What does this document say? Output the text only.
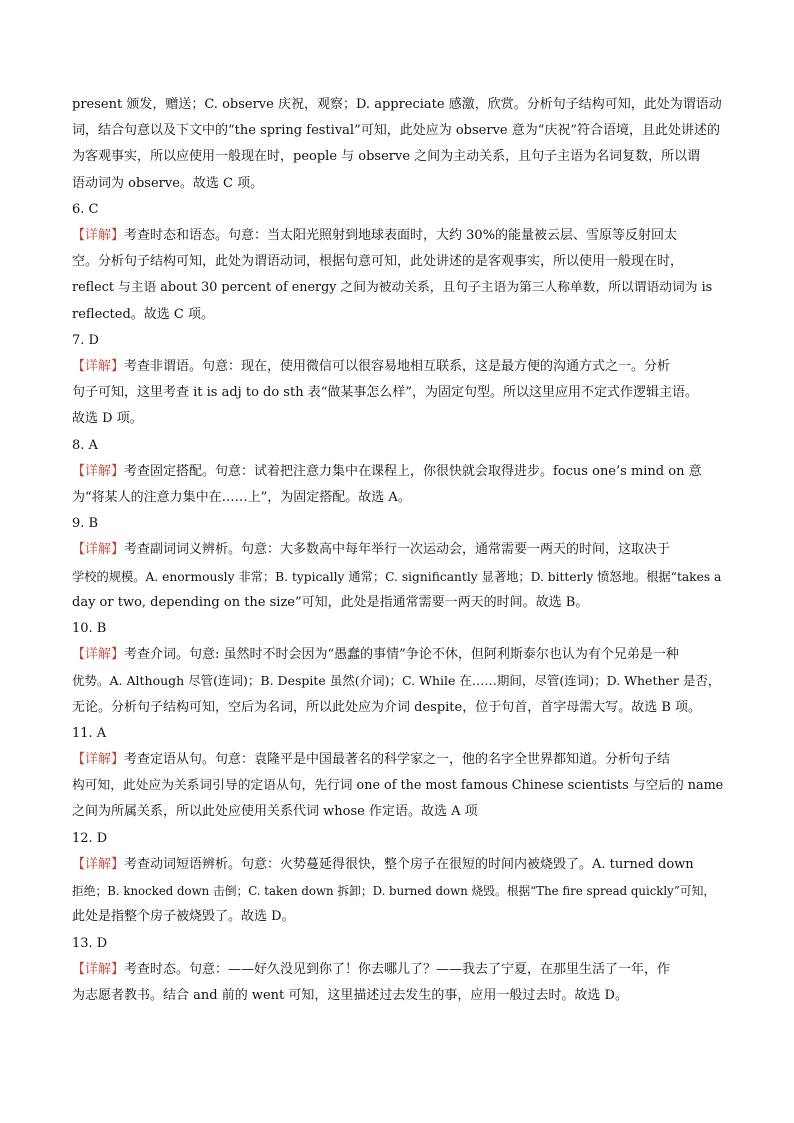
present 颁发，赠送；C. observe 庆祝，观察；D. appreciate 感激，欣赏。分析句子结构可知，此处为谓语动
词，结合句意以及下文中的“the spring festival”可知，此处应为 observe 意为“庆祝”符合语境，且此处讲述的
为客观事实，所以应使用一般现在时，people 与 observe 之间为主动关系，且句子主语为名词复数，所以谓
语动词为 observe。故选 C 项。
6. C
【详解】考查时态和语态。句意：当太阳光照射到地球表面时，大约 30%的能量被云层、雪原等反射回太
空。分析句子结构可知，此处为谓语动词，根据句意可知，此处讲述的是客观事实，所以使用一般现在时，
reflect 与主语 about 30 percent of energy 之间为被动关系，且句子主语为第三人称单数，所以谓语动词为 is
reflected。故选 C 项。
7. D
【详解】考查非谓语。句意：现在，使用微信可以很容易地相互联系，这是最方便的沟通方式之一。分析
句子可知，这里考查 it is adj to do sth 表“做某事怎么样”，为固定句型。所以这里应用不定式作逻辑主语。
故选 D 项。
8. A
【详解】考查固定搭配。句意：试着把注意力集中在课程上，你很快就会取得进步。focus one’s mind on 意
为“将某人的注意力集中在……上”，为固定搭配。故选 A。
9. B
【详解】考查副词词义辨析。句意：大多数高中每年举行一次运动会，通常需要一两天的时间，这取决于
学校的规模。A. enormously 非常；B. typically 通常；C. significantly 显著地；D. bitterly 愤怒地。根据“takes a
day or two, depending on the size”可知，此处是指通常需要一两天的时间。故选 B。
10. B
【详解】考查介词。句意: 虽然时不时会因为“愚蠢的事情”争论不休，但阿利斯泰尔也认为有个兄弟是一种
优势。A. Although 尽管(连词)；B. Despite 虽然(介词)；C. While 在……期间，尽管(连词)；D. Whether 是否，
无论。分析句子结构可知，空后为名词，所以此处应为介词 despite，位于句首，首字母需大写。故选 B 项。
11. A
【详解】考查定语从句。句意：袁隆平是中国最著名的科学家之一，他的名字全世界都知道。分析句子结
构可知，此处应为关系词引导的定语从句，先行词 one of the most famous Chinese scientists 与空后的 name
之间为所属关系，所以此处应使用关系代词 whose 作定语。故选 A 项
12. D
【详解】考查动词短语辨析。句意：火势蔓延得很快，整个房子在很短的时间内被烧毁了。A. turned down
拒绝；B. knocked down 击倒；C. taken down 拆卸；D. burned down 烧毁。根据“The fire spread quickly”可知，
此处是指整个房子被烧毁了。故选 D。
13. D
【详解】考查时态。句意：——好久没见到你了！你去哪儿了？——我去了宁夏，在那里生活了一年，作
为志愿者教书。结合 and 前的 went 可知，这里描述过去发生的事，应用一般过去时。故选 D。
